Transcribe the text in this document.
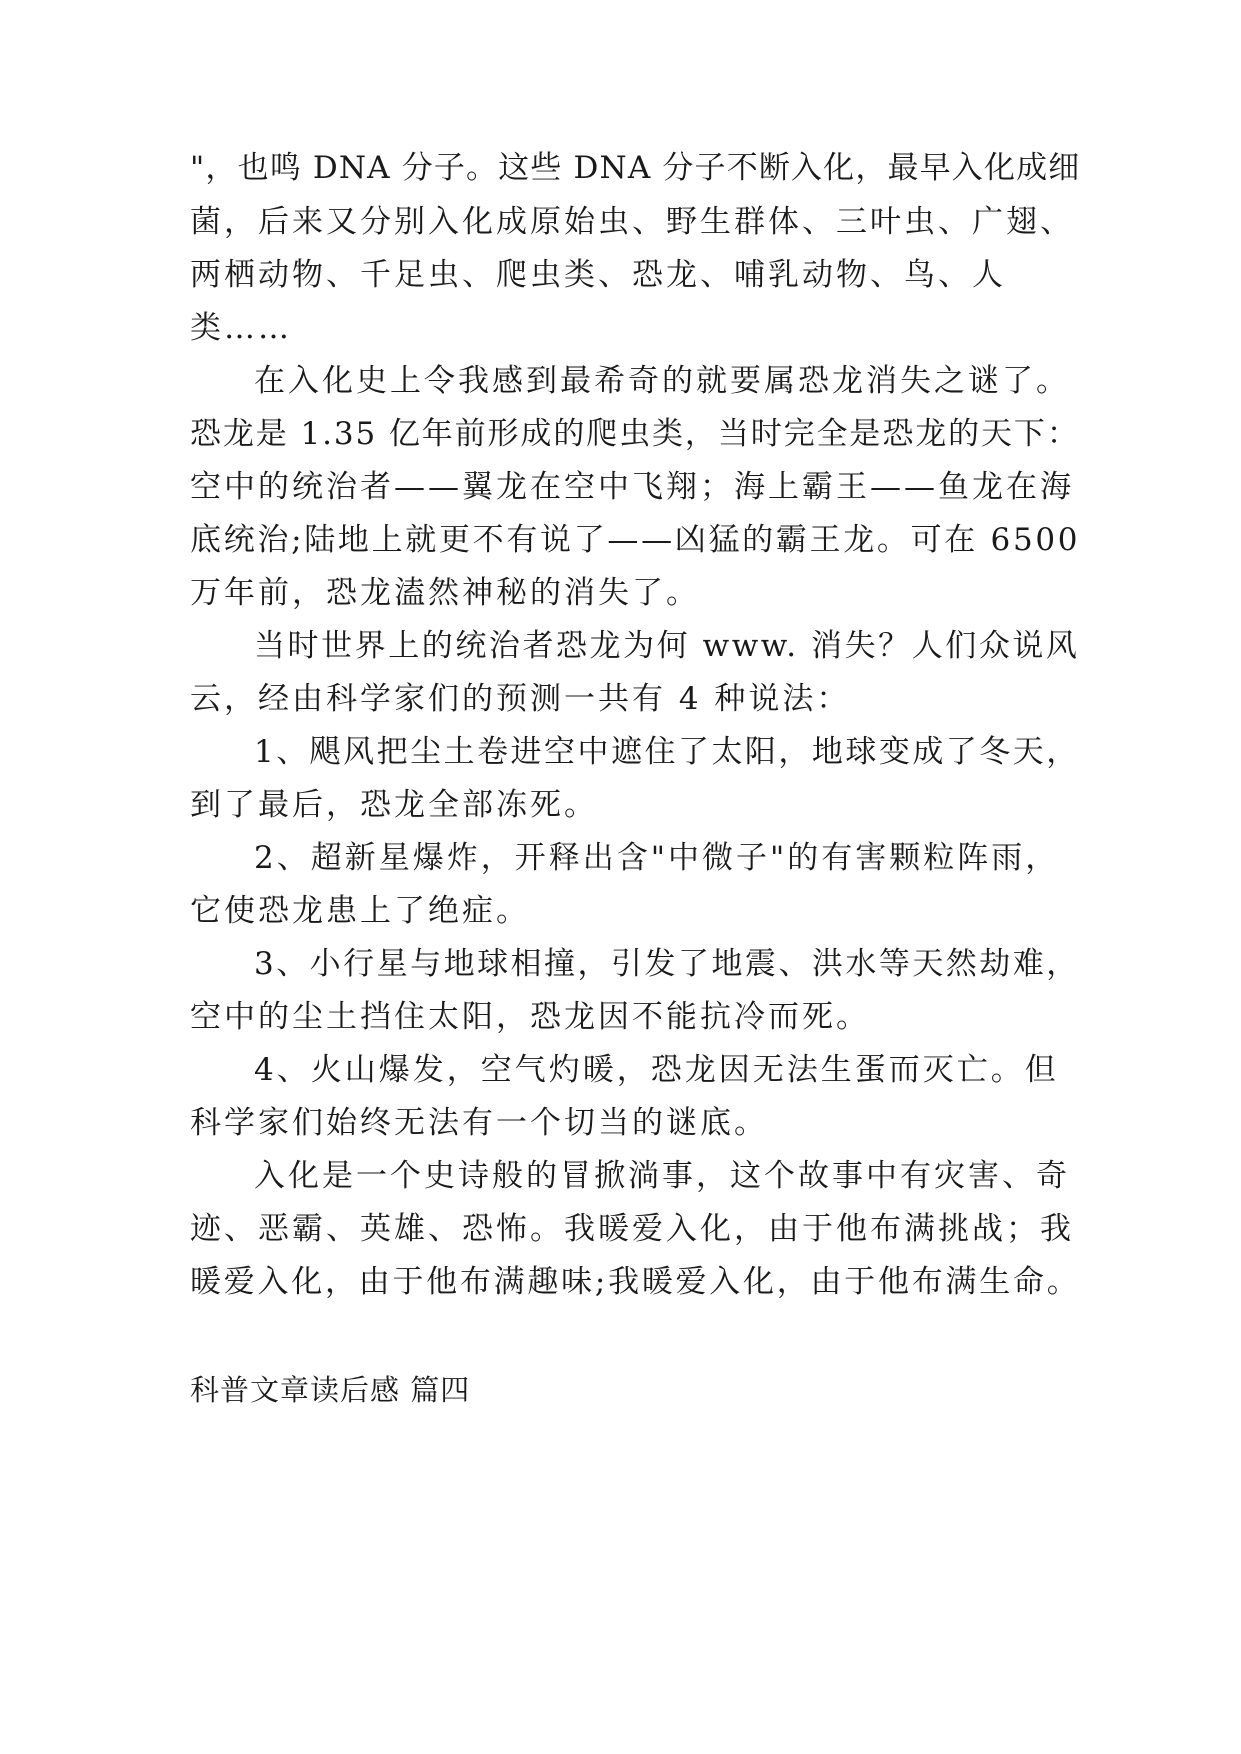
"，也鸣 DNA 分子。这些 DNA 分子不断入化，最早入化成细
菌，后来又分别入化成原始虫、野生群体、三叶虫、广翅、
两栖动物、千足虫、爬虫类、恐龙、哺乳动物、鸟、人
类……
在入化史上令我感到最希奇的就要属恐龙消失之谜了。
恐龙是 1.35 亿年前形成的爬虫类，当时完全是恐龙的天下：
空中的统治者——翼龙在空中飞翔；海上霸王——鱼龙在海
底统治;陆地上就更不有说了——凶猛的霸王龙。可在 6500
万年前，恐龙溘然神秘的消失了。
当时世界上的统治者恐龙为何 www. 消失？人们众说风
云，经由科学家们的预测一共有 4 种说法：
1、飓风把尘土卷进空中遮住了太阳，地球变成了冬天，
到了最后，恐龙全部冻死。
2、超新星爆炸，开释出含"中微子"的有害颗粒阵雨，
它使恐龙患上了绝症。
3、小行星与地球相撞，引发了地震、洪水等天然劫难，
空中的尘土挡住太阳，恐龙因不能抗冷而死。
4、火山爆发，空气灼暖，恐龙因无法生蛋而灭亡。但
科学家们始终无法有一个切当的谜底。
入化是一个史诗般的冒掀淌事，这个故事中有灾害、奇
迹、恶霸、英雄、恐怖。我暖爱入化，由于他布满挑战；我
暖爱入化，由于他布满趣味;我暖爱入化，由于他布满生命。
科普文章读后感 篇四
